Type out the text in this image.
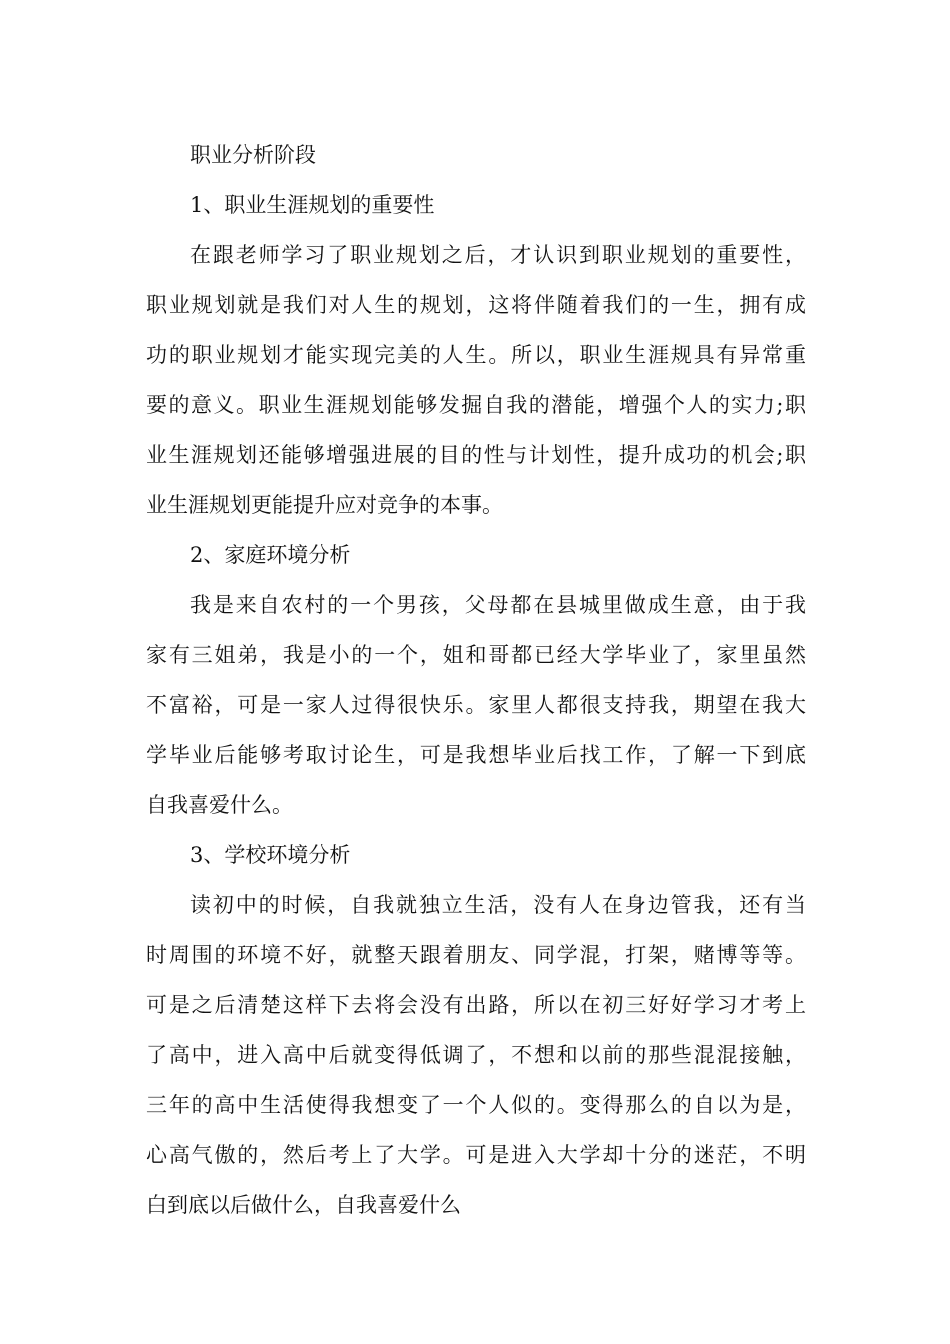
职业分析阶段
1、职业生涯规划的重要性
在跟老师学习了职业规划之后，才认识到职业规划的重要性，
职业规划就是我们对人生的规划，这将伴随着我们的一生，拥有成
功的职业规划才能实现完美的人生。所以，职业生涯规具有异常重
要的意义。职业生涯规划能够发掘自我的潜能，增强个人的实力;职
业生涯规划还能够增强进展的目的性与计划性，提升成功的机会;职
业生涯规划更能提升应对竞争的本事。
2、家庭环境分析
我是来自农村的一个男孩，父母都在县城里做成生意，由于我
家有三姐弟，我是小的一个，姐和哥都已经大学毕业了，家里虽然
不富裕，可是一家人过得很快乐。家里人都很支持我，期望在我大
学毕业后能够考取讨论生，可是我想毕业后找工作，了解一下到底
自我喜爱什么。
3、学校环境分析
读初中的时候，自我就独立生活，没有人在身边管我，还有当
时周围的环境不好，就整天跟着朋友、同学混，打架，赌博等等。
可是之后清楚这样下去将会没有出路，所以在初三好好学习才考上
了高中，进入高中后就变得低调了，不想和以前的那些混混接触，
三年的高中生活使得我想变了一个人似的。变得那么的自以为是，
心高气傲的，然后考上了大学。可是进入大学却十分的迷茫，不明
白到底以后做什么，自我喜爱什么
